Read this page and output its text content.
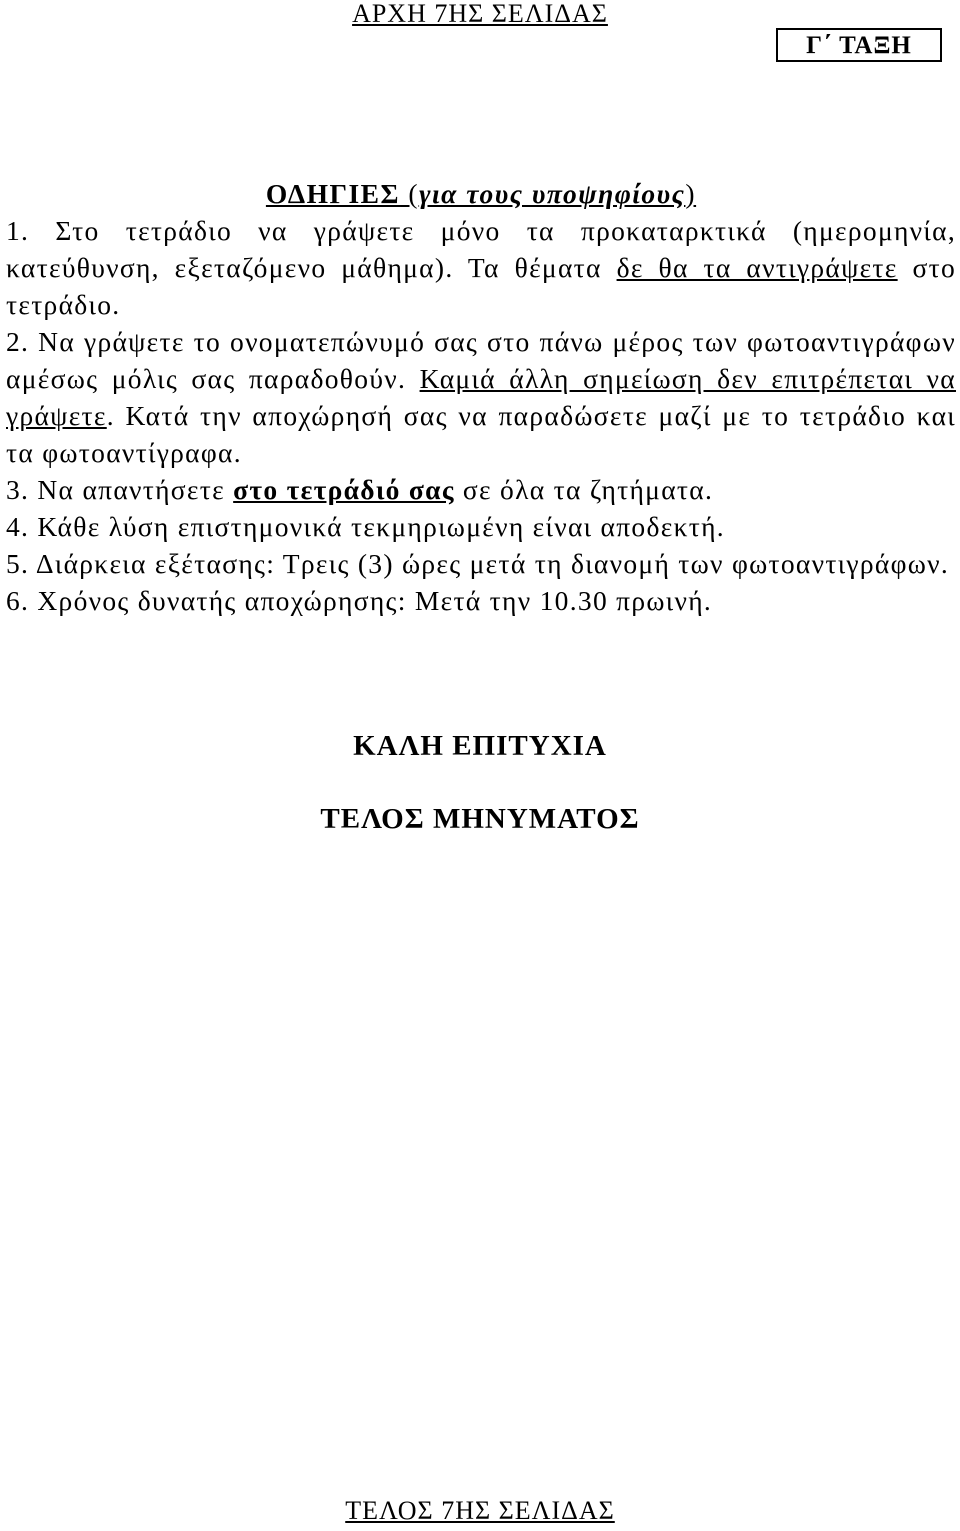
ΑΡΧΗ 7ΗΣ ΣΕΛΙΔΑΣ
Γ΄ ΤΑΞΗ
ΟΔΗΓΙΕΣ (για τους υποψηφίους)
1. Στο τετράδιο να γράψετε μόνο τα προκαταρκτικά (ημερομηνία, κατεύθυνση, εξεταζόμενο μάθημα). Τα θέματα δε θα τα αντιγράψετε στο τετράδιο.
2. Να γράψετε το ονοματεπώνυμό σας στο πάνω μέρος των φωτοαντιγράφων αμέσως μόλις σας παραδοθούν. Καμιά άλλη σημείωση δεν επιτρέπεται να γράψετε. Κατά την αποχώρησή σας να παραδώσετε μαζί με το τετράδιο και τα φωτοαντίγραφα.
3. Να απαντήσετε στο τετράδιό σας σε όλα τα ζητήματα.
4. Κάθε λύση επιστημονικά τεκμηριωμένη είναι αποδεκτή.
5. Διάρκεια εξέτασης: Τρεις (3) ώρες μετά τη διανομή των φωτοαντιγράφων.
6. Χρόνος δυνατής αποχώρησης: Μετά την 10.30 πρωινή.
ΚΑΛΗ ΕΠΙΤΥΧΙΑ
ΤΕΛΟΣ ΜΗΝΥΜΑΤΟΣ
ΤΕΛΟΣ 7ΗΣ ΣΕΛΙΔΑΣ
